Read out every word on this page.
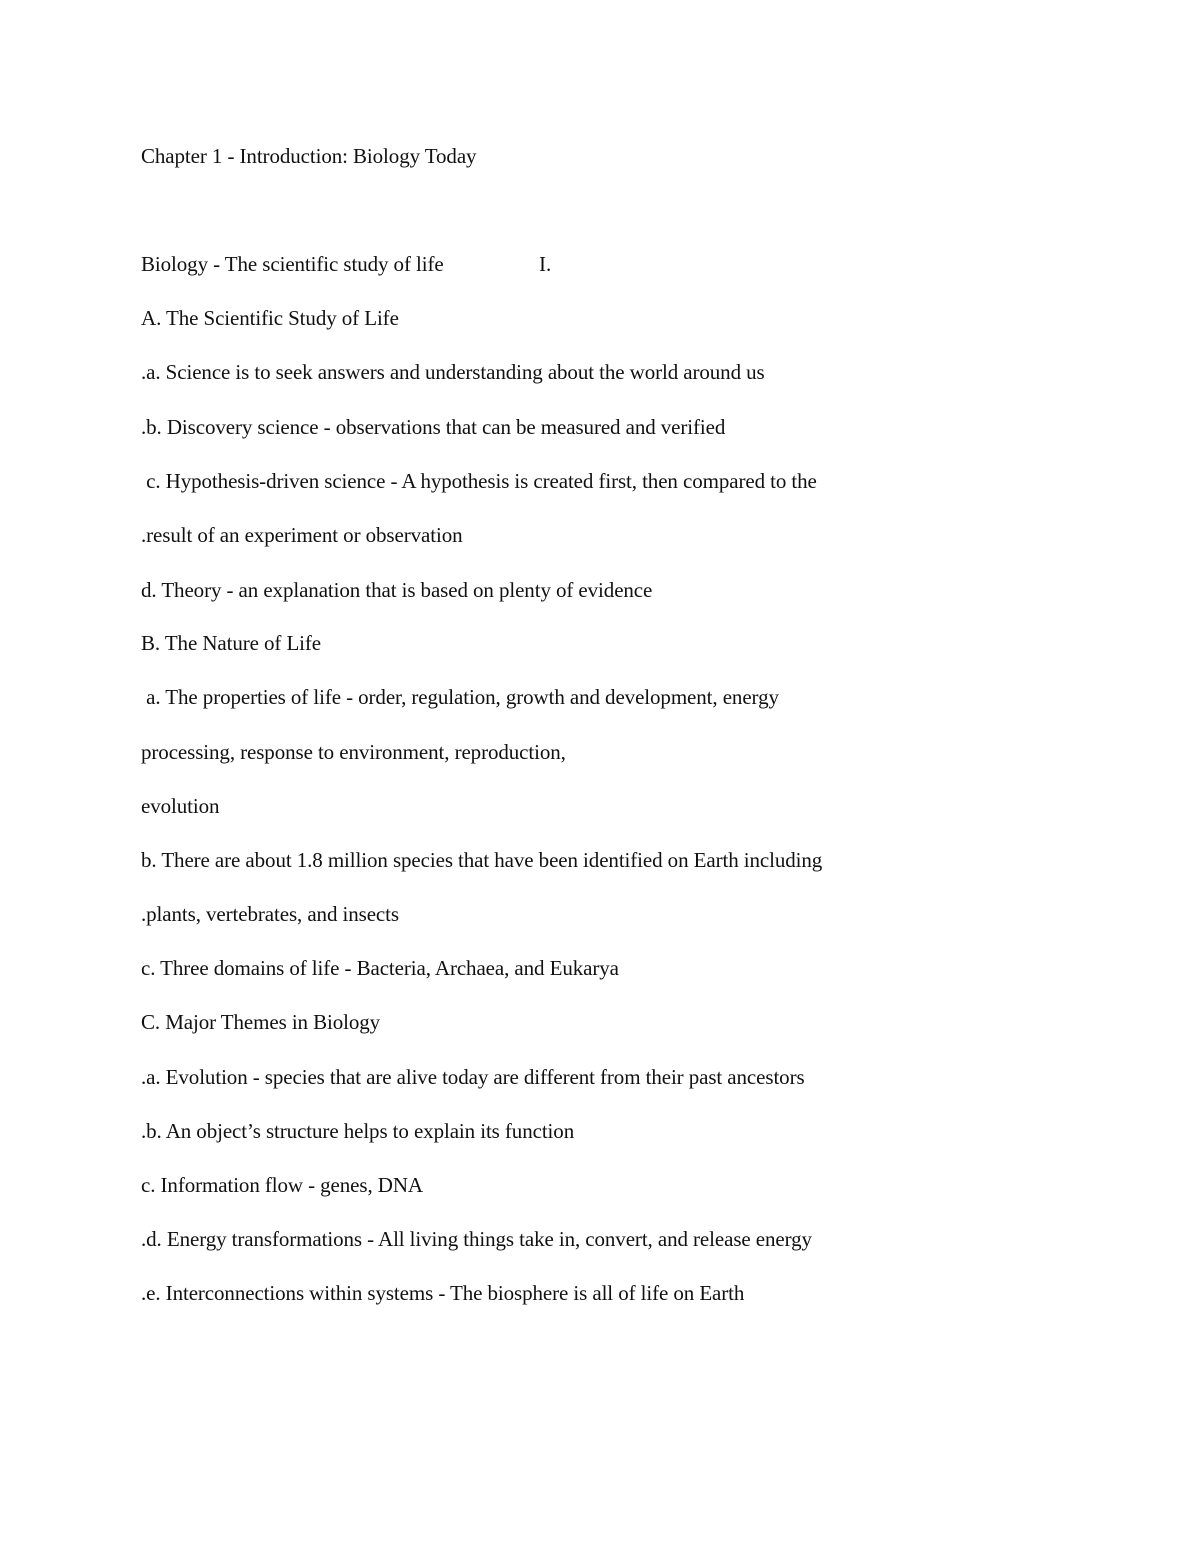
Chapter 1 - Introduction: Biology Today
Biology - The scientific study of life	I.
A. The Scientific Study of Life
.a. Science is to seek answers and understanding about the world around us
.b. Discovery science - observations that can be measured and verified
c. Hypothesis-driven science - A hypothesis is created first, then compared to the
.result of an experiment or observation
d. Theory - an explanation that is based on plenty of evidence
B. The Nature of Life
a. The properties of life - order, regulation, growth and development, energy
processing, response to environment, reproduction,
evolution
b. There are about 1.8 million species that have been identified on Earth including
.plants, vertebrates, and insects
c. Three domains of life - Bacteria, Archaea, and Eukarya
C. Major Themes in Biology
.a. Evolution - species that are alive today are different from their past ancestors
.b. An object’s structure helps to explain its function
c. Information flow - genes, DNA
.d. Energy transformations - All living things take in, convert, and release energy
.e. Interconnections within systems - The biosphere is all of life on Earth
